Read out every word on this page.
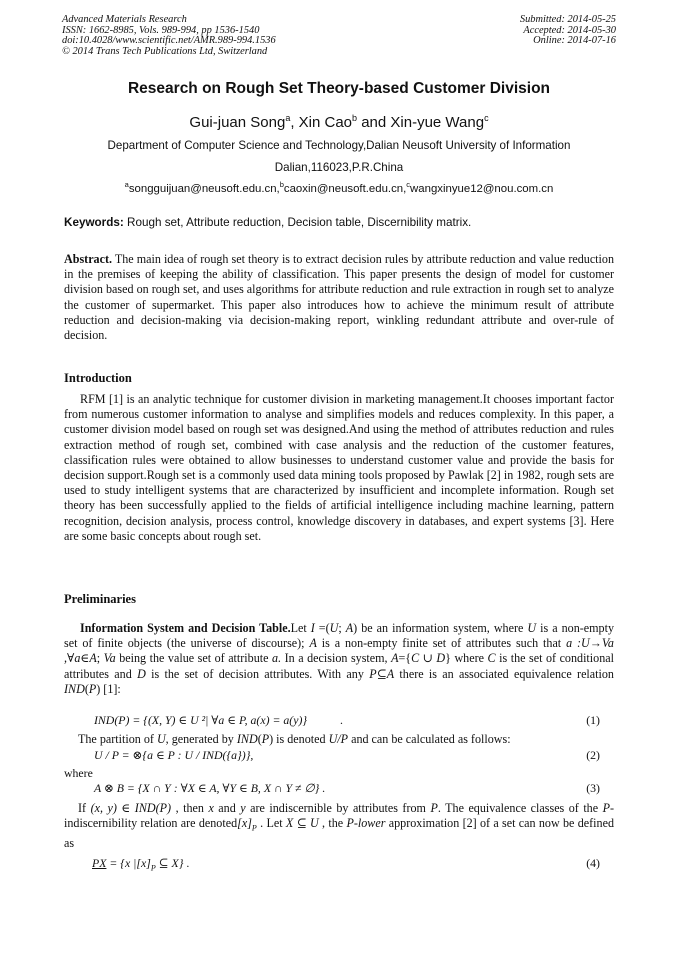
Advanced Materials Research
ISSN: 1662-8985, Vols. 989-994, pp 1536-1540
doi:10.4028/www.scientific.net/AMR.989-994.1536
© 2014 Trans Tech Publications Ltd, Switzerland
Submitted: 2014-05-25
Accepted: 2014-05-30
Online: 2014-07-16
Research on Rough Set Theory-based Customer Division
Gui-juan Song$^a$, Xin Cao$^b$ and Xin-yue Wang$^c$
Department of Computer Science and Technology,Dalian Neusoft University of Information
Dalian,116023,P.R.China
$^a$songguijuan@neusoft.edu.cn,$^b$caoxin@neusoft.edu.cn,$^c$wangxinyue12@nou.com.cn
Keywords: Rough set, Attribute reduction, Decision table, Discernibility matrix.
Abstract. The main idea of rough set theory is to extract decision rules by attribute reduction and value reduction in the premises of keeping the ability of classification. This paper presents the design of model for customer division based on rough set, and uses algorithms for attribute reduction and rule extraction in rough set to analyze the customer of supermarket. This paper also introduces how to achieve the minimum result of attribute reduction and decision-making via decision-making report, winkling redundant attribute and over-rule of decision.
Introduction
RFM [1] is an analytic technique for customer division in marketing management.It chooses important factor from numerous customer information to analyse and simplifies models and reduces complexity. In this paper, a customer division model based on rough set was designed.And using the method of attributes reduction and rules extraction method of rough set, combined with case analysis and the reduction of the customer features, classification rules were obtained to allow businesses to understand customer value and provide the basis for decision support.Rough set is a commonly used data mining tools proposed by Pawlak [2] in 1982, rough sets are used to study intelligent systems that are characterized by insufficient and incomplete information. Rough set theory has been successfully applied to the fields of artificial intelligence including machine learning, pattern recognition, decision analysis, process control, knowledge discovery in databases, and expert systems [3]. Here are some basic concepts about rough set.
Preliminaries
Information System and Decision Table.Let I =(U; A) be an information system, where U is a non-empty set of finite objects (the universe of discourse); A is a non-empty finite set of attributes such that a :U→Va ,∀a∈A; Va being the value set of attribute a. In a decision system, A={C ∪ D} where C is the set of conditional attributes and D is the set of decision attributes. With any P⊆A there is an associated equivalence relation IND(P) [1]:
IND(P) = {(X, Y) ∈ U ²| ∀a ∈ P, a(x) = a(y)}	.	(1)
The partition of U, generated by IND(P) is denoted U/P and can be calculated as follows:
U / P = ⊗{a ∈ P : U / IND({a})},	(2)
where
A ⊗ B = {X ∩ Y : ∀X ∈ A, ∀Y ∈ B, X ∩ Y ≠ ∅} .	(3)
If (x, y) ∈ IND(P) , then x and y are indiscernible by attributes from P. The equivalence classes of the P-indiscernibility relation are $denoted[x]_P$ . Let X ⊆ U , the P-lower approximation [2] of a set can now be defined as
PX = {x $|[x]_P$ ⊆ X} .	(4)
